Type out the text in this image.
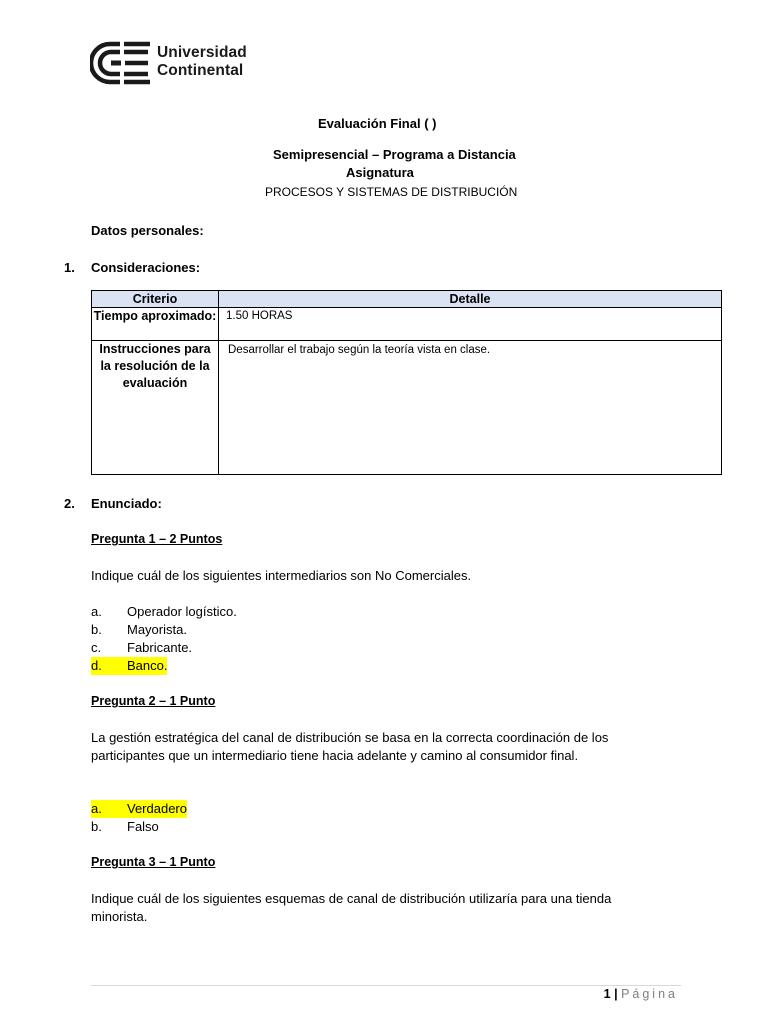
Universidad
Continental
Evaluación Final ( )
Semipresencial – Programa a Distancia
Asignatura
PROCESOS Y SISTEMAS DE DISTRIBUCIÓN
Datos personales:
1. Consideraciones:
Criterio	Detalle
Tiempo aproximado:	1.50 HORAS
Instrucciones para la resolución de la evaluación	Desarrollar el trabajo según la teoría vista en clase.
2. Enunciado:
Pregunta 1 – 2 Puntos
Indique cuál de los siguientes intermediarios son No Comerciales.
a. Operador logístico.
b. Mayorista.
c. Fabricante.
d. Banco.
Pregunta 2 – 1 Punto
La gestión estratégica del canal de distribución se basa en la correcta coordinación de los participantes que un intermediario tiene hacia adelante y camino al consumidor final.
a. Verdadero
b. Falso
Pregunta 3 – 1 Punto
Indique cuál de los siguientes esquemas de canal de distribución utilizaría para una tienda minorista.
1 | Página
